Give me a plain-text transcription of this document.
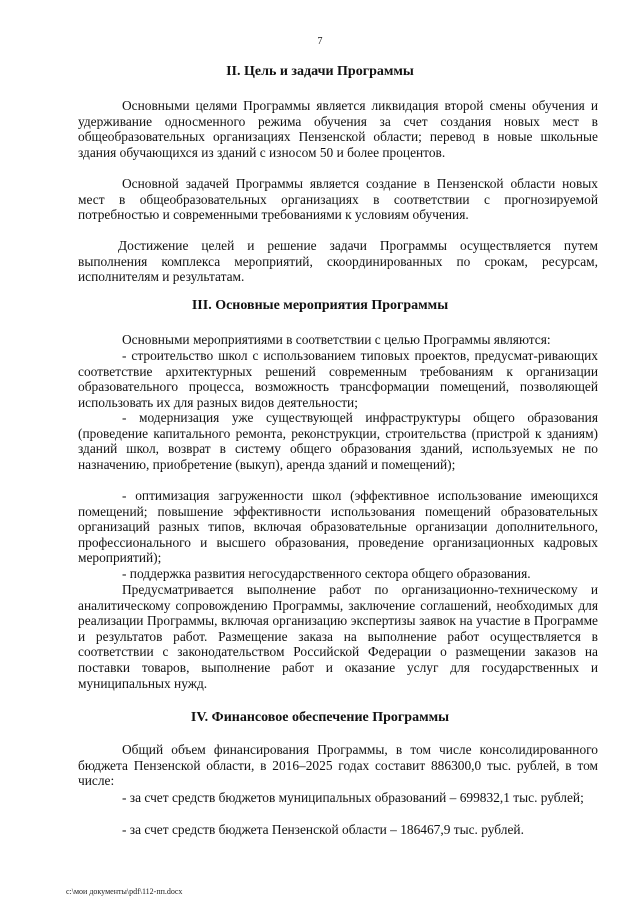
7
II. Цель и задачи Программы
Основными целями Программы является ликвидация второй смены обучения и удерживание односменного режима обучения за счет создания новых мест в общеобразовательных организациях Пензенской области; перевод в новые школьные здания обучающихся из зданий с износом 50 и более процентов.
Основной задачей Программы является создание в Пензенской области новых мест в общеобразовательных организациях в соответствии с прогнозируемой потребностью и современными требованиями к условиям обучения.
Достижение целей и решение задачи Программы осуществляется путем выполнения комплекса мероприятий, скоординированных по срокам, ресурсам, исполнителям и результатам.
III. Основные мероприятия Программы
Основными мероприятиями в соответствии с целью Программы являются:
- строительство школ с использованием типовых проектов, предусмат-ривающих соответствие архитектурных решений современным требованиям к организации образовательного процесса, возможность трансформации помещений, позволяющей использовать их для разных видов деятельности;
- модернизация уже существующей инфраструктуры общего образования (проведение капитального ремонта, реконструкции, строительства (пристрой к зданиям) зданий школ, возврат в систему общего образования зданий, используемых не по назначению, приобретение (выкуп), аренда зданий и помещений);
- оптимизация загруженности школ (эффективное использование имеющихся помещений; повышение эффективности использования помещений образовательных организаций разных типов, включая образовательные организации дополнительного, профессионального и высшего образования, проведение организационных кадровых мероприятий);
- поддержка развития негосударственного сектора общего образования.
Предусматривается выполнение работ по организационно-техническому и аналитическому сопровождению Программы, заключение соглашений, необходимых для реализации Программы, включая организацию экспертизы заявок на участие в Программе и результатов работ. Размещение заказа на выполнение работ осуществляется в соответствии с законодательством Российской Федерации о размещении заказов на поставки товаров, выполнение работ и оказание услуг для государственных и муниципальных нужд.
IV. Финансовое обеспечение Программы
Общий объем финансирования Программы, в том числе консолидированного бюджета Пензенской области, в 2016–2025 годах составит 886300,0 тыс. рублей, в том числе:
- за счет средств бюджетов муниципальных образований – 699832,1 тыс. рублей;
- за счет средств бюджета Пензенской области – 186467,9 тыс. рублей.
c:\мои документы\pdf\112-пп.docx
